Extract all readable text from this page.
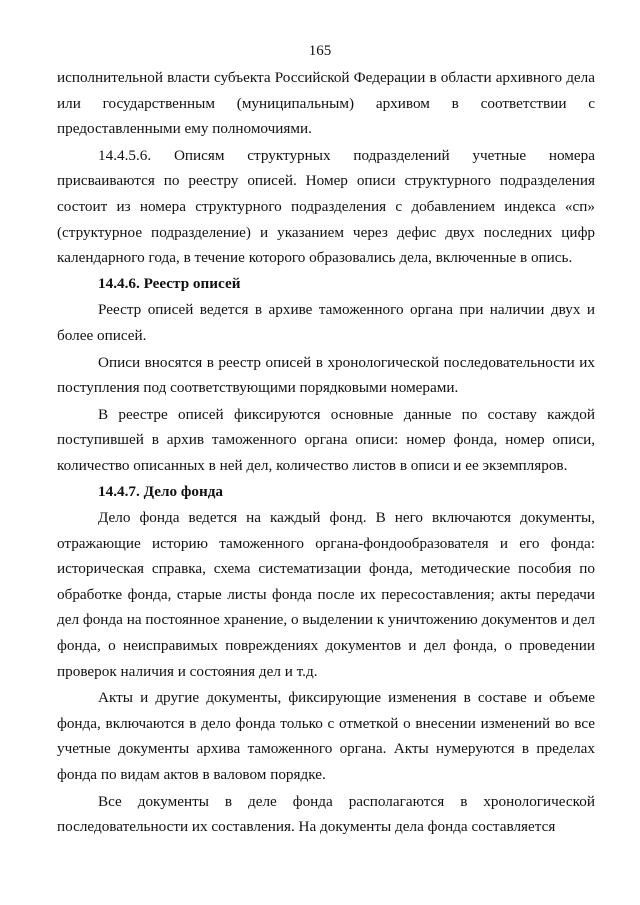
165

исполнительной власти субъекта Российской Федерации в области архивного дела или государственным (муниципальным) архивом в соответствии с предоставленными ему полномочиями.

14.4.5.6. Описям структурных подразделений учетные номера присваиваются по реестру описей. Номер описи структурного подразделения состоит из номера структурного подразделения с добавлением индекса «сп» (структурное подразделение) и указанием через дефис двух последних цифр календарного года, в течение которого образовались дела, включенные в опись.

14.4.6. Реестр описей

Реестр описей ведется в архиве таможенного органа при наличии двух и более описей.

Описи вносятся в реестр описей в хронологической последовательности их поступления под соответствующими порядковыми номерами.

В реестре описей фиксируются основные данные по составу каждой поступившей в архив таможенного органа описи: номер фонда, номер описи, количество описанных в ней дел, количество листов в описи и ее экземпляров.

14.4.7. Дело фонда

Дело фонда ведется на каждый фонд. В него включаются документы, отражающие историю таможенного органа-фондообразователя и его фонда: историческая справка, схема систематизации фонда, методические пособия по обработке фонда, старые листы фонда после их пересоставления; акты передачи дел фонда на постоянное хранение, о выделении к уничтожению документов и дел фонда, о неисправимых повреждениях документов и дел фонда, о проведении проверок наличия и состояния дел и т.д.

Акты и другие документы, фиксирующие изменения в составе и объеме фонда, включаются в дело фонда только с отметкой о внесении изменений во все учетные документы архива таможенного органа. Акты нумеруются в пределах фонда по видам актов в валовом порядке.

Все документы в деле фонда располагаются в хронологической последовательности их составления. На документы дела фонда составляется
